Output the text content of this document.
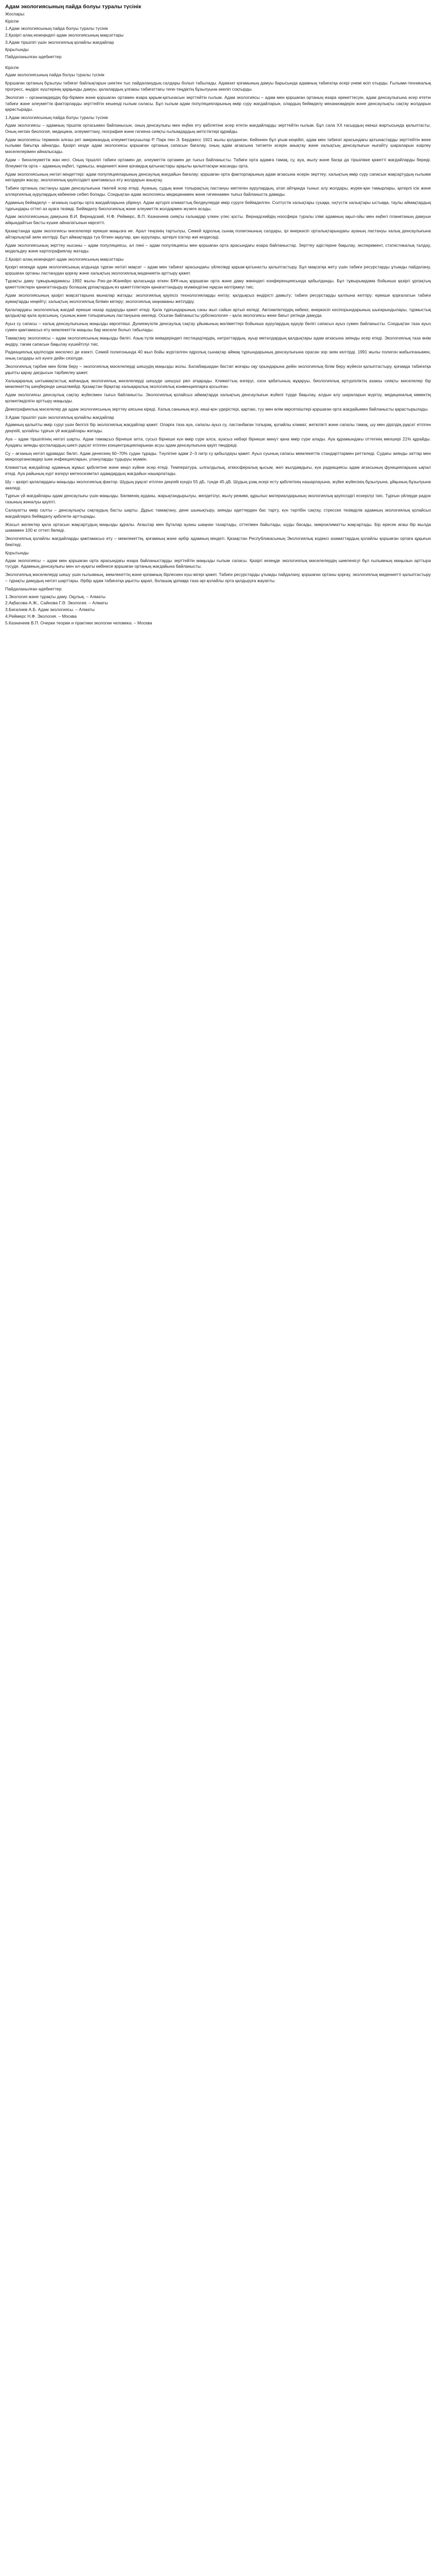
Адам экологиясының пайда болуы туралы түсінік
Жоспары:
Кіріспе
1.Адам экологиясының пайда болуы туралы түсінік
2.Қазіргі алаң кезеңіндегі адам экологиясының мақсаттары
3.Адам тіршілігі үшін экологиялық қолайлы жағдайлар
Қорытынды
Пайдаланылған әдебиеттер
Кіріспе

Адам экологиясының пайда болуы туралы түсінік

Қоршаған ортаның бұзылуы табиғат байлықтарын шектен тыс пайдаланудың салдары болып табылады. Адамзат қоғамының дамуы барысында адамның табиғатқа әсері үнемі өсіп отырды. Ғылыми-техникалық прогресс, өндіріс күштерінің қарқынды дамуы, қалалардың ұлғаюы табиғаттағы тепе-теңдіктің бұзылуына әкеліп соқтырды.

Экология – организмдердің бір-бірімен және қоршаған ортамен өзара қарым-қатынасын зерттейтін ғылым. Адам экологиясы – адам мен қоршаған ортаның өзара әрекеттесуін, адам денсаулығына әсер ететін табиғи және әлеуметтік факторларды зерттейтін кешенді ғылым саласы. Бұл ғылым адам популяцияларының өмір сүру жағдайларын, олардың бейімделу механизмдерін және денсаулықты сақтау жолдарын қарастырады.

1.Адам экологиясының пайда болуы туралы түсінік

Адам экологиясы – адамның тіршілік ортасымен байланысын, оның денсаулығы мен еңбек ету қабілетіне әсер ететін жағдайларды зерттейтін ғылым. Бұл сала ХХ ғасырдың екінші жартысында қалыптасты. Оның негізін биология, медицина, әлеуметтану, география және гигиена сияқты ғылымдардың жетістіктері құрайды.

Адам экологиясы терминін алғаш рет американдық әлеуметтанушылар Р. Парк пен Э. Берджесс 1921 жылы қолданған. Кейіннен бұл ұғым кеңейіп, адам мен табиғат арасындағы қатынастарды зерттейтін жеке ғылыми бағытқа айналды. Қазіргі кезде адам экологиясы қоршаған ортаның сапасын бағалау, оның адам ағзасына тигізетін әсерін анықтау және халықтың денсаулығын нығайту шараларын әзірлеу мәселелерімен айналысады.

Адам – биоәлеуметтік жан иесі. Оның тіршілігі табиғи ортамен де, әлеуметтік ортамен де тығыз байланысты. Табиғи орта адамға тамақ, су, ауа, жылу және басқа да тіршілікке қажетті жағдайларды береді. Әлеуметтік орта – адамның еңбегі, тұрмысы, мәдениеті және қоғамдық қатынастары арқылы қалыптасқан жасанды орта.

Адам экологиясының негізгі міндеттері: адам популяцияларының денсаулық жағдайын бағалау; қоршаған орта факторларының адам ағзасына әсерін зерттеу; халықтың өмір сүру сапасын жақсартудың ғылыми негіздерін жасау; экологиялық қауіпсіздікті қамтамасыз ету жолдарын анықтау.

Табиғи ортаның ластануы адам денсаулығына тікелей әсер етеді. Ауаның, судың және топырақтың ластануы көптеген аурулардың, атап айтқанда тыныс алу жолдары, жүрек-қан тамырлары, қатерлі ісік және аллергиялық аурулардың көбеюіне себеп болады. Сондықтан адам экологиясы медицинамен және гигиенамен тығыз байланыста дамиды.

Адамның бейімделуі – ағзаның сыртқы орта жағдайларына үйренуі. Адам әртүрлі климаттық белдеулерде өмір сүруге бейімделген. Солтүстік халықтары суыққа, оңтүстік халықтары ыстыққа, таулы аймақтардың тұрғындары оттегі аз ауаға төзімді. Бейімделу биологиялық және әлеуметтік жолдармен жүзеге асады.

Адам экологиясының дамуына В.И. Вернадский, Н.Ф. Реймерс, В.П. Казначеев сияқты ғалымдар үлкен үлес қосты. Вернадскийдің ноосфера туралы ілімі адамның ақыл-ойы мен еңбегі планетаның дамуын айқындайтын басты күшке айналатынын көрсетті.

Қазақстанда адам экологиясы мәселелері ерекше маңызға ие. Арал теңізінің тартылуы, Семей ядролық сынақ полигонының салдары, ірі өнеркәсіп орталықтарындағы ауаның ластануы халық денсаулығына айтарлықтай зиян келтірді. Бұл аймақтарда туа біткен ақаулар, қан аурулары, қатерлі ісіктер жиі кездеседі.

Адам экологиясының зерттеу нысаны – адам популяциясы, ал пәні – адам популяциясы мен қоршаған орта арасындағы өзара байланыстар. Зерттеу әдістеріне бақылау, эксперимент, статистикалық талдау, модельдеу және картографиялау жатады.

2.Қазіргі алаң кезеңіндегі адам экологиясының мақсаттары

Қазіргі кезеңде адам экологиясының алдында тұрған негізгі мақсат – адам мен табиғат арасындағы үйлесімді қарым-қатынасты қалыптастыру. Бұл мақсатқа жету үшін табиғи ресурстарды ұтымды пайдалану, қоршаған ортаны ластанудан қорғау және халықтың экологиялық мәдениетін арттыру қажет.

Тұрақты даму тұжырымдамасы 1992 жылы Рио-де-Жанейро қаласында өткен БҰҰ-ның қоршаған орта және даму жөніндегі конференциясында қабылданды. Бұл тұжырымдама бойынша қазіргі ұрпақтың қажеттіліктерін қанағаттандыру болашақ ұрпақтардың өз қажеттіліктерін қанағаттандыру мүмкіндігіне нұқсан келтірмеуі тиіс.

Адам экологиясының қазіргі мақсаттарына мыналар жатады: экологиялық қауіпсіз технологияларды енгізу; қалдықсыз өндірісті дамыту; табиғи ресурстарды қалпына келтіру; ерекше қорғалатын табиғи аумақтарды кеңейту; халықтың экологиялық білімін көтеру; экологиялық заңнаманы жетілдіру.

Қалалардағы экологиялық жағдай ерекше назар аударуды қажет етеді. Қала тұрғындарының саны жыл сайын артып келеді. Автокөліктердің көбеюі, өнеркәсіп кәсіпорындарының шығарындылары, тұрмыстық қалдықтар қала ауасының, суының және топырағының ластануына әкеледі. Осыған байланысты урбоэкология – қала экологиясы жеке бағыт ретінде дамуда.

Ауыз су сапасы – халық денсаулығының маңызды көрсеткіші. Дүниежүзілік денсаулық сақтау ұйымының мәліметтері бойынша аурулардың едәуір бөлігі сапасыз ауыз сумен байланысты. Сондықтан таза ауыз сумен қамтамасыз ету мемлекеттік маңызы бар мәселе болып табылады.

Тамақтану экологиясы – адам экологиясының маңызды бөлігі. Азық-түлік өнімдеріндегі пестицидтердің, нитраттардың, ауыр металдардың қалдықтары адам ағзасына зиянды әсер етеді. Экологиялық таза өнім өндіру, тағам сапасын бақылау күшейтілуі тиіс.

Радиациялық қауіпсіздік мәселесі де өзекті. Семей полигонында 40 жыл бойы жүргізілген ядролық сынақтар аймақ тұрғындарының денсаулығына орасан зор зиян келтірді. 1991 жылы полигон жабылғанымен, оның салдары әлі күнге дейін сезілуде.

Экологиялық тәрбие мен білім беру – экологиялық мәселелерді шешудің маңызды жолы. Балабақшадан бастап жоғары оқу орындарына дейін экологиялық білім беру жүйесін қалыптастыру, қоғамда табиғатқа ұқыпты қарау дағдысын тәрбиелеу қажет.

Халықаралық ынтымақтастық жаһандық экологиялық мәселелерді шешуде шешуші рөл атқарады. Климаттың өзгеруі, озон қабатының жұқаруы, биологиялық әртүрліліктің азаюы сияқты мәселелер бір мемлекеттің шеңберінде шешілмейді. Қазақстан бірқатар халықаралық экологиялық конвенцияларға қосылған.

Адам экологиясы денсаулық сақтау жүйесімен тығыз байланысты. Экологиялық қолайсыз аймақтарда халықтың денсаулығын жүйелі түрде бақылау, алдын алу шараларын жүргізу, медициналық көмектің қолжетімділігін арттыру маңызды.

Демографиялық мәселелер де адам экологиясының зерттеу аясына кіреді. Халық санының өсуі, көші-қон үдерістері, қартаю, туу мен өлім көрсеткіштері қоршаған орта жағдайымен байланысты қарастырылады.

3.Адам тіршілігі үшін экологиялық қолайлы жағдайлар

Адамның қалыпты өмір сүруі үшін белгілі бір экологиялық жағдайлар қажет. Оларға таза ауа, сапалы ауыз су, ластанбаған топырақ, қолайлы климат, жеткілікті және сапалы тамақ, шу мен дірілдің рұқсат етілген деңгейі, қолайлы тұрғын үй жағдайлары жатады.

Ауа – адам тіршілігінің негізгі шарты. Адам тамақсыз бірнеше апта, сусыз бірнеше күн өмір сүре алса, ауасыз небәрі бірнеше минут қана өмір сүре алады. Ауа құрамындағы оттегінің мөлшері 21% құрайды. Ауадағы зиянды қоспалардың шекті рұқсат етілген концентрацияларынан асуы адам денсаулығына қауіп төндіреді.

Су – ағзаның негізгі құрамдас бөлігі. Адам денесінің 60–70% судан тұрады. Тәулігіне адам 2–3 литр су қабылдауы қажет. Ауыз суының сапасы мемлекеттік стандарттармен реттеледі. Судағы зиянды заттар мен микроорганизмдер ішек инфекцияларын, улануларды тудыруы мүмкін.

Климаттық жағдайлар адамның жұмыс қабілетіне және көңіл күйіне әсер етеді. Температура, ылғалдылық, атмосфералық қысым, жел жылдамдығы, күн радиациясы адам ағзасының функцияларына ықпал етеді. Ауа райының күрт өзгеруі метеосезімтал адамдардың жағдайын нашарлатады.

Шу – қазіргі қалалардағы маңызды экологиялық фактор. Шудың рұқсат етілген деңгейі күндіз 55 дБ, түнде 45 дБ. Шудың ұзақ әсері есту қабілетінің нашарлауына, жүйке жүйесінің бұзылуына, ұйқының бұзылуына әкеледі.

Тұрғын үй жағдайлары адам денсаулығы үшін маңызды. Бөлменің ауданы, жарықтандырылуы, желдетілуі, жылу режимі, құрылыс материалдарының экологиялық қауіпсіздігі ескерілуі тиіс. Тұрғын үйлерде радон газының жиналуы қауіпті.

Салауатты өмір салты – денсаулықты сақтаудың басты шарты. Дұрыс тамақтану, дене шынықтыру, зиянды әдеттерден бас тарту, күн тәртібін сақтау, стресске төзімділік адамның экологиялық қолайсыз жағдайларға бейімделу қабілетін арттырады.

Жасыл желектер қала ортасын жақсартудың маңызды құралы. Ағаштар мен бұталар ауаны шаңнан тазартады, оттегімен байытады, шуды басады, микроклиматты жақсартады. Бір ересек ағаш бір жылда шамамен 100 кг оттегі бөледі.

Экологиялық қолайлы жағдайларды қамтамасыз ету – мемлекеттің, қоғамның және әрбір адамның міндеті. Қазақстан Республикасының Экологиялық кодексі азаматтардың қолайлы қоршаған ортаға құқығын бекітеді.

Қорытынды

Адам экологиясы – адам мен қоршаған орта арасындағы өзара байланыстарды зерттейтін маңызды ғылым саласы. Қазіргі кезеңде экологиялық мәселелердің шиеленісуі бұл ғылымның маңызын арттыра түсуде. Адамның денсаулығы мен әл-ауқаты көбінесе қоршаған ортаның жағдайына байланысты.

Экологиялық мәселелерді шешу үшін ғылымның, мемлекеттің және қоғамның бірлескен күш-жігері қажет. Табиғи ресурстарды ұтымды пайдалану, қоршаған ортаны қорғау, экологиялық мәдениетті қалыптастыру – тұрақты дамудың негізгі шарттары. Әрбір адам табиғатқа ұқыпты қарап, болашақ ұрпаққа таза әрі қолайлы орта қалдыруға жауапты.

Пайдаланылған әдебиеттер
1.Экология және тұрақты даму. Оқулық. – Алматы
2.Ақбасова А.Ж., Сайнова Г.Ә. Экология. – Алматы
3.Бигалиев А.Б. Адам экологиясы. – Алматы
4.Реймерс Н.Ф. Экология. – Москва
5.Казначеев В.П. Очерки теории и практики экологии человека. – Москва
